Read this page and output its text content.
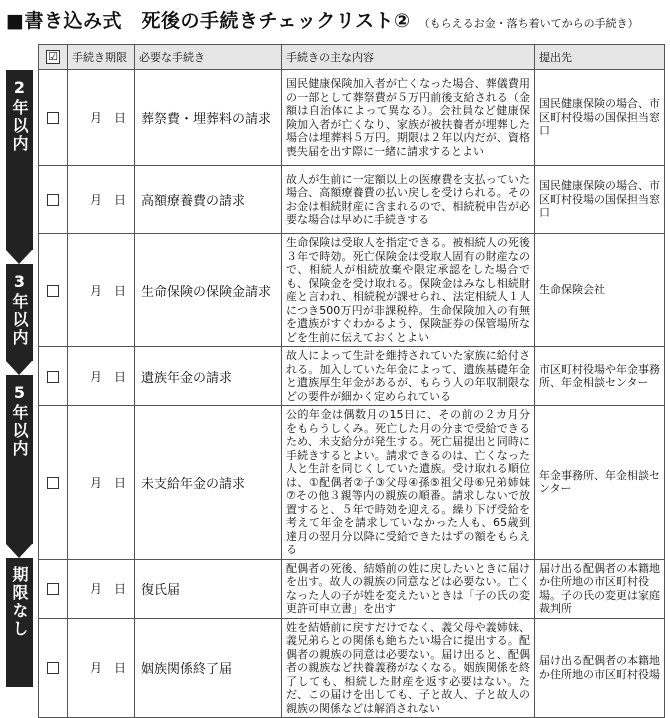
■書き込み式　死後の手続きチェックリスト② （もらえるお金・落ち着いてからの手続き）
2年以内
3年以内
5年以内
期限なし
☑	手続き期限	必要な手続き	手続きの主な内容	提出先

	月 日	葬祭費・埋葬料の請求	国民健康保険加入者が亡くなった場合、葬儀費用の一部として葬祭費が５万円前後支給される（金額は自治体によって異なる）。会社員など健康保険加入者が亡くなり、家族が被扶養者が埋葬した場合は埋葬料５万円。期限は２年以内だが、資格喪失届を出す際に一緒に請求するとよい	国民健康保険の場合、市区町村役場の国保担当窓口

	月 日	高額療養費の請求	故人が生前に一定額以上の医療費を支払っていた場合、高額療養費の払い戻しを受けられる。そのお金は相続財産に含まれるので、相続税申告が必要な場合は早めに手続きする	国民健康保険の場合、市区町村役場の国保担当窓口

	月 日	生命保険の保険金請求	生命保険は受取人を指定できる。被相続人の死後３年で時効。死亡保険金は受取人固有の財産なので、相続人が相続放棄や限定承認をした場合でも、保険金を受け取れる。保険金はみなし相続財産と言われ、相続税が課せられ、法定相続人１人につき500万円が非課税枠。生命保険加入の有無を遺族がすぐわかるよう、保険証券の保管場所などを生前に伝えておくとよい	生命保険会社

	月 日	遺族年金の請求	故人によって生計を維持されていた家族に給付される。加入していた年金によって、遺族基礎年金と遺族厚生年金があるが、もらう人の年収制限などの要件が細かく定められている	市区町村役場や年金事務所、年金相談センター

	月 日	未支給年金の請求	公的年金は偶数月の15日に、その前の２カ月分をもらうしくみ。死亡した月の分まで受給できるため、未支給分が発生する。死亡届提出と同時に手続きするとよい。請求できるのは、亡くなった人と生計を同じくしていた遺族。受け取れる順位は、①配偶者②子③父母④孫⑤祖父母⑥兄弟姉妹⑦その他３親等内の親族の順番。請求しないで放置すると、５年で時効を迎える。繰り下げ受給を考えて年金を請求していなかった人も、65歳到達月の翌月分以降に受給できたはずの額をもらえる	年金事務所、年金相談センター

	月 日	復氏届	配偶者の死後、結婚前の姓に戻したいときに届けを出す。故人の親族の同意などは必要ない。亡くなった人の子が姓を変えたいときは「子の氏の変更許可申立書」を出す	届け出る配偶者の本籍地か住所地の市区町村役場。子の氏の変更は家庭裁判所

	月 日	姻族関係終了届	姓を結婚前に戻すだけでなく、義父母や義姉妹、義兄弟らとの関係も絶ちたい場合に提出する。配偶者の親族の同意は必要ない。届け出ると、配偶者の親族など扶養義務がなくなる。姻族関係を終了しても、相続した財産を返す必要はない。ただ、この届けを出しても、子と故人、子と故人の親族の関係などは解消されない	届け出る配偶者の本籍地か住所地の市区町村役場
